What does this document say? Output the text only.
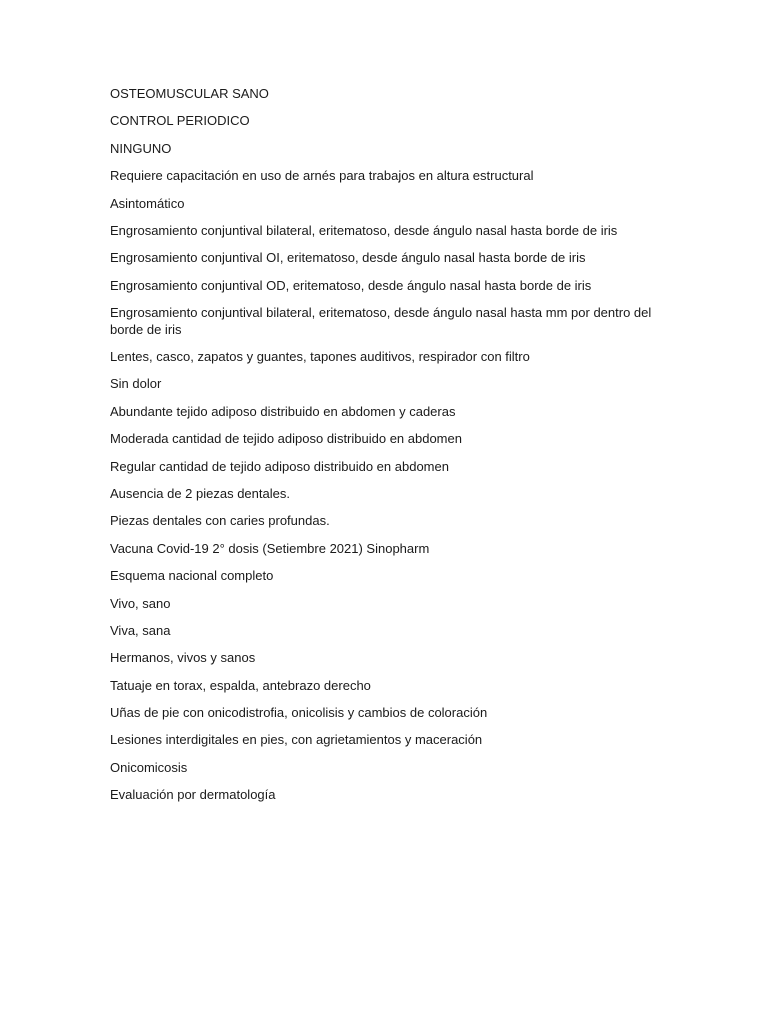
OSTEOMUSCULAR SANO

CONTROL PERIODICO

NINGUNO

Requiere capacitación en uso de arnés para trabajos en altura estructural

Asintomático

Engrosamiento conjuntival bilateral, eritematoso, desde ángulo nasal hasta borde de iris

Engrosamiento conjuntival OI, eritematoso, desde ángulo nasal hasta borde de iris

Engrosamiento conjuntival OD, eritematoso, desde ángulo nasal hasta borde de iris

Engrosamiento conjuntival bilateral, eritematoso, desde ángulo nasal hasta mm por dentro del borde de iris

Lentes, casco, zapatos y guantes, tapones auditivos, respirador con filtro

Sin dolor

Abundante tejido adiposo distribuido en abdomen y caderas

Moderada cantidad de tejido adiposo distribuido en abdomen

Regular cantidad de tejido adiposo distribuido en abdomen

Ausencia de 2 piezas dentales.

Piezas dentales con caries profundas.

Vacuna Covid-19 2° dosis (Setiembre 2021) Sinopharm

Esquema nacional completo

Vivo, sano

Viva, sana

Hermanos, vivos y sanos

Tatuaje en torax, espalda, antebrazo derecho

Uñas de pie con onicodistrofia, onicolisis y cambios de coloración

Lesiones interdigitales en pies, con agrietamientos y maceración

Onicomicosis

Evaluación por dermatología
